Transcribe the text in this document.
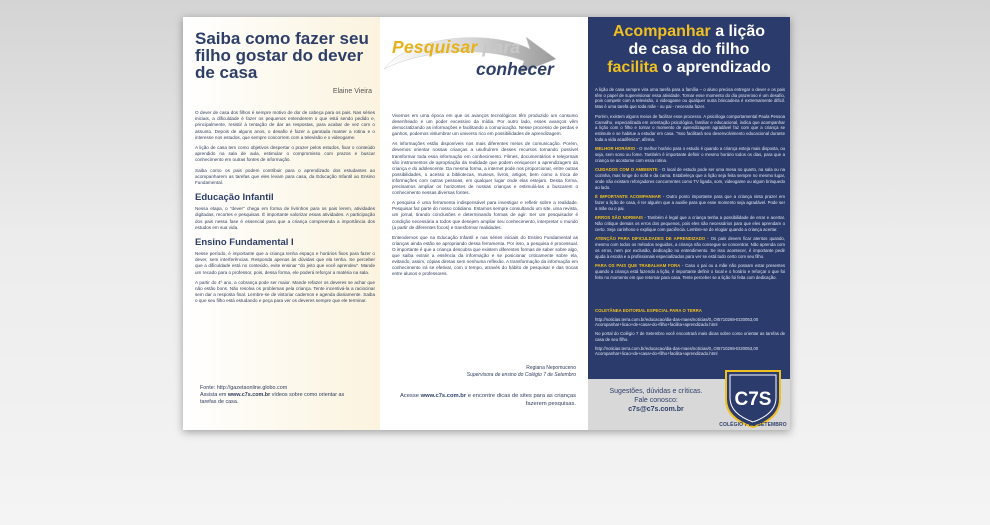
Saiba como fazer seu filho gostar do dever de casa
Elaine Vieira

O dever de casa dos filhos é sempre motivo de dor de cabeça para os pais. Nas séries iniciais, a dificuldade é fazer os pequenos entenderem o que está sendo pedido e, principalmente, resistir à tentação de dar as respostas, para acabar de vez com o assunto. Depois de alguns anos, o desafio é fazer a garotada manter a rotina e o interesse nos estudos, que sempre concorrem com a televisão e o videogame.

A lição de casa tem como objetivos despertar o prazer pelos estudos, fixar o conteúdo aprendido na sala de aula, estimular o compromisso com prazos e buscar conhecimento em outras fontes de informação.

Saiba como os pais podem contribuir para o aprendizado dos estudantes ao acompanharem as tarefas que eles levam para casa, da Educação Infantil ao Ensino Fundamental.

Educação Infantil

Nessa etapa, o "dever" chega em forma de livrinhos para os pais lerem, atividades digitadas, recortes e pesquisas. É importante valorizar essas atividades. A participação dos pais nessa fase é essencial para que a criança compreenda a importância dos estudos em sua vida.

Ensino Fundamental I

Nesse período, é importante que a criança tenha espaço e horários fixos para fazer o dever, sem interferências. Responda apenas às dúvidas que ela tenha. Se perceber que a dificuldade está no conteúdo, evite ensinar "do jeito que você aprendeu". Mande um recado para o professor, pois, dessa forma, ele poderá reforçar a matéria na sala.

A partir do 4º ano, a cobrança pode ser maior. Mande refazer os deveres se achar que não estão bons. Não resolva os problemas pela criança. Tente incentivá-la a raciocinar sem dar a resposta final. Lembre-se de vistoriar cadernos e agenda diariamente. Saiba o que seu filho está estudando e peça para ver os deveres sempre que ele terminar.

Fonte: http://gazetaonline.globo.com
Assista em www.c7s.com.br vídeos sobre como orientar as tarefas de casa.
Pesquisar para
conhecer

Vivemos em uma época em que os avanços tecnológicos têm produzido um consumo desenfreado e um poder excessivo da mídia. Por outro lado, esses avanços vêm democratizando as informações e facilitando a comunicação. Nesse processo de perdas e ganhos, podemos vislumbrar um universo rico em possibilidades de aprendizagem.

As informações estão disponíveis nos mais diferentes meios de comunicação. Porém, devemos orientar nossas crianças a usufruírem desses recursos tornando possível transformar toda essa informação em conhecimento. Filmes, documentários e telejornais são instrumentos de apropriação da realidade que podem enriquecer a aprendizagem da criança e do adolescente. Da mesma forma, a internet pode nos proporcionar, entre outras possibilidades, o acesso a bibliotecas, museus, livros, artigos, bem como a troca de informações com outras pessoas, em qualquer lugar onde elas estejam. Dessa forma, precisamos ampliar os horizontes de nossas crianças e estimulá-las a buscarem o conhecimento nessas diversas fontes.

A pesquisa é uma ferramenta indispensável para investigar e refletir sobre a realidade. Pesquisar faz parte do nosso cotidiano. Estamos sempre consultando um site, uma revista, um jornal, tirando conclusões e determinando formas de agir. Ser um pesquisador é condição necessária a todos que desejem ampliar seu conhecimento, interpretar o mundo (a partir de diferentes focos) e transformar realidades.

Entendemos que na Educação Infantil e nas séries iniciais do Ensino Fundamental as crianças ainda estão se apropriando dessa ferramenta. Por isso, a pesquisa é processual. O importante é que a criança descubra que existem diferentes formas de saber sobre algo, que saiba extrair a essência da informação e se posicionar criticamente sobre ela, evitando, assim, cópias diretas sem nenhuma reflexão. A transformação da informação em conhecimento irá se efetivar, com o tempo, através do hábito de pesquisar e das trocas entre alunos e professores.

Regiana Nepomuceno
Supervisora de ensino do Colégio 7 de Setembro
Acesse www.c7s.com.br e encontre dicas de sites para as crianças fazerem pesquisas.
Acompanhar a lição
de casa do filho
facilita o aprendizado

A lição de casa sempre vira uma tarefa para a família – o aluno precisa entregar o dever e os pais têm o papel de supervisionar essa atividade. Tornar esse momento do dia prazeroso é um desafio, pois competir com a televisão, o videogame ou qualquer outra brincadeira é extremamente difícil. Mas é uma tarefa que toda mãe - ou pai - necessita fazer.

Porém, existem alguns meios de facilitar esse processo. A psicóloga comportamental Paula Pessoa Carvalho, especializada em orientação psicológica, familiar e educacional, indica que acompanhar a lição com o filho e tornar o momento de aprendizagem agradável faz com que a criança se estimule e se habitue a estudar em casa. "Isso facilitará seu desenvolvimento educacional durante toda a vida acadêmica", afirma.

MELHOR HORÁRIO - O melhor horário para o estudo é quando a criança esteja mais disposta, ou seja, sem sono ou fome. Também é importante definir o mesmo horário todos os dias, para que a criança se acostume com essa rotina.

CUIDADOS COM O AMBIENTE - O local de estudo pode ser uma mesa no quarto, na sala ou na cozinha, mas longe do sofá e da cama. Estabeleça que a lição seja feita sempre no mesmo lugar, onde não existam reforçadores concorrentes como TV ligada, som, videogame ou algum brinquedo ao lado.

É IMPORTANTE ACOMPANHAR - Outro ponto importante para que a criança sinta prazer em fazer a lição de casa, é ter alguém que a auxilie para que esse momento seja agradável. Pode ser a mãe ou o pai.

ERROS SÃO NORMAIS - Também é legal que a criança tenha a possibilidade de errar e acertar. Não critique demais os erros dos pequenos, pois eles são necessários para que eles aprendam o certo. Seja carinhoso e explique com paciência. Lembre-se de elogiar quando a criança acertar.

ATENÇÃO PARA DIFICULDADES DE APRENDIZADO - Os pais devem ficar atentos quando, mesmo com todos os métodos seguidos, a criança não consegue se concentrar. Não aprenda com os erros, nem por exclusão, dedicação no entendimento. Se isso acontecer, é importante pedir ajuda à escola e a profissionais especializados para ver se está tudo certo com seu filho.

PARA OS PAIS QUE TRABALHAM FORA - Caso o pai ou a mãe não possam estar presentes quando a criança está fazendo a lição, é importante definir o local e o horário e reforçar o que foi feito no momento em que retornar para casa. Tente perceber se a lição foi feita com dedicação.

COLETÂNEA EDITORIAL ESPECIAL PARA O TERRA

http://noticias.terra.com.br/educacao/dia-das-maes/noticias/0,,OI5710269-EI20053,00 Acompanhar+licao+de+casa+do+filho+facilita+aprendizado.html

No portal do Colégio 7 de Setembro você encontrará mais dicas sobre como orientar as tarefas de casa de seu filho.

http://noticias.terra.com.br/educacao/dia-das-maes/noticias/0,,OI5710269-EI20053,00 Acompanhar+licao+de+casa+do+filho+facilita+aprendizado.html

Sugestões, dúvidas e críticas.
Fale conosco:
c7s@c7s.com.br	C7S
COLÉGIO 7 DE SETEMBRO
